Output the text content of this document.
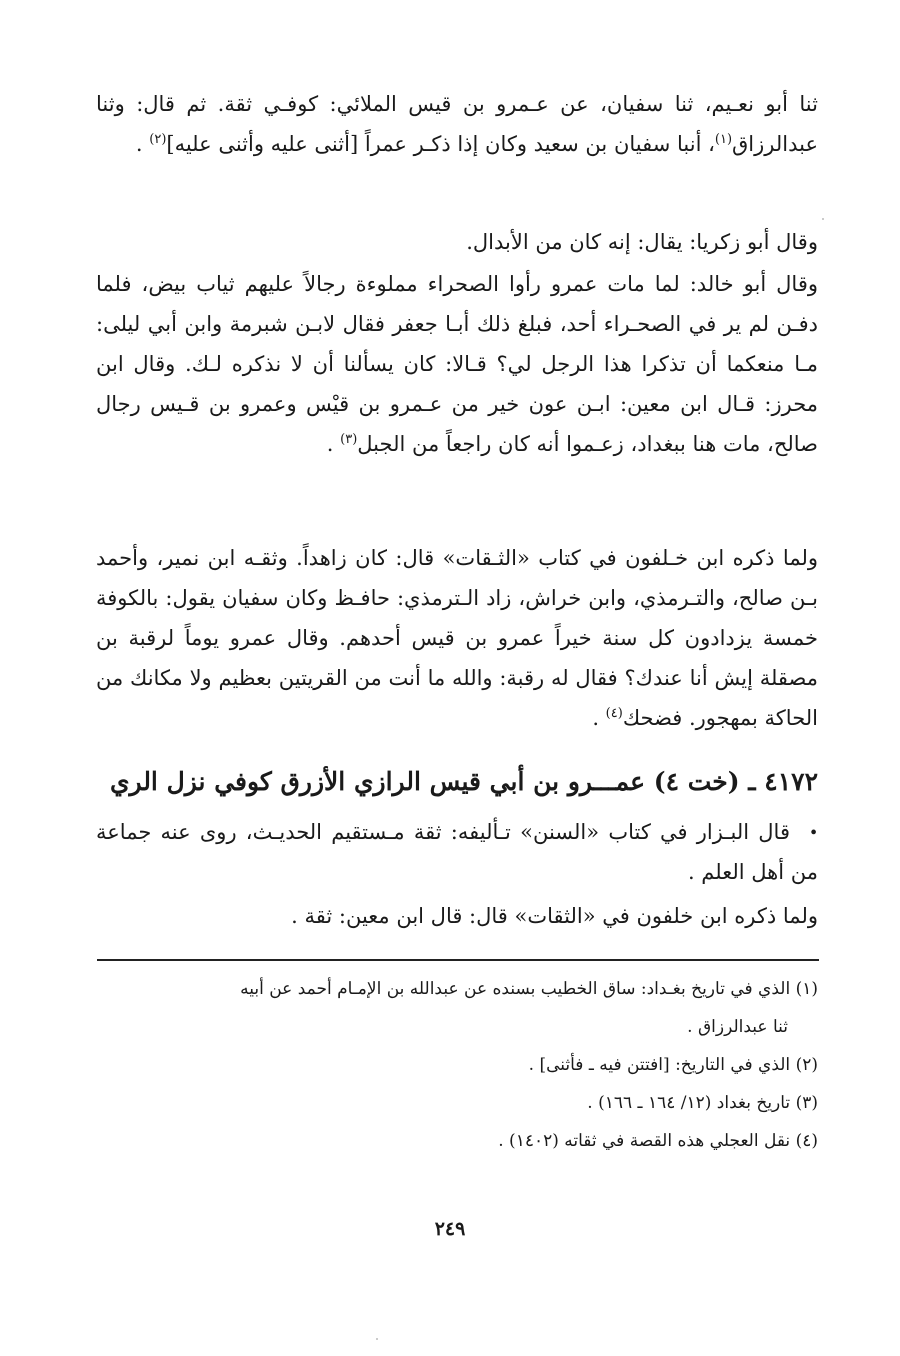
ثنا أبو نعـيم، ثنا سفيان، عن عـمرو بن قيس الملائي: كوفـي ثقة. ثم قال: وثنا عبدالرزاق$^{(١)}$، أنبا سفيان بن سعيد وكان إذا ذكـر عمراً [أثنى عليه وأثنى عليه]$^{(٢)}$ .
وقال أبو زكريا: يقال: إنه كان من الأبدال.
وقال أبو خالد: لما مات عمرو رأوا الصحراء مملوءة رجالاً عليهم ثياب بيض، فلما دفـن لم ير في الصحـراء أحد، فبلغ ذلك أبـا جعفر فقال لابـن شبرمة وابن أبي ليلى: مـا منعكما أن تذكرا هذا الرجل لي؟ قـالا: كان يسألنا أن لا نذكره لـك. وقال ابن محرز: قـال ابن معين: ابـن عون خير من عـمرو بن قيْس وعمرو بن قـيس رجال صالح، مات هنا ببغداد، زعـموا أنه كان راجعاً من الجبل$^{(٣)}$ .
ولما ذكره ابن خـلفون في كتاب «الثـقات» قال: كان زاهداً. وثقـه ابن نمير، وأحمد بـن صالح، والتـرمذي، وابن خراش، زاد الـترمذي: حافـظ وكان سفيان يقول: بالكوفة خمسة يزدادون كل سنة خيراً عمرو بن قيس أحدهم. وقال عمرو يوماً لرقبة بن مصقلة إيش أنا عندك؟ فقال له رقبة: والله ما أنت من القريتين بعظيم ولا مكانك من الحاكة بمهجور. فضحك$^{(٤)}$ .
٤١٧٢ ـ (خت ٤) عمـــرو بن أبي قيس الرازي الأزرق كوفي نزل الري .
قال البـزار في كتاب «السنن» تـأليفه: ثقة مـستقيم الحديـث، روى عنه جماعة من أهل العلم .
ولما ذكره ابن خلفون في «الثقات» قال: قال ابن معين: ثقة .

(١) الذي في تاريخ بغـداد: ساق الخطيب بسنده عن عبدالله بن الإمـام أحمد عن أبيه
ثنا عبدالرزاق .

(٢) الذي في التاريخ: [افتتن فيه ـ فأثنى] .

(٣) تاريخ بغداد (١٢/ ١٦٤ ـ ١٦٦) .

(٤) نقل العجلي هذه القصة في ثقاته (١٤٠٢) .

٢٤٩
